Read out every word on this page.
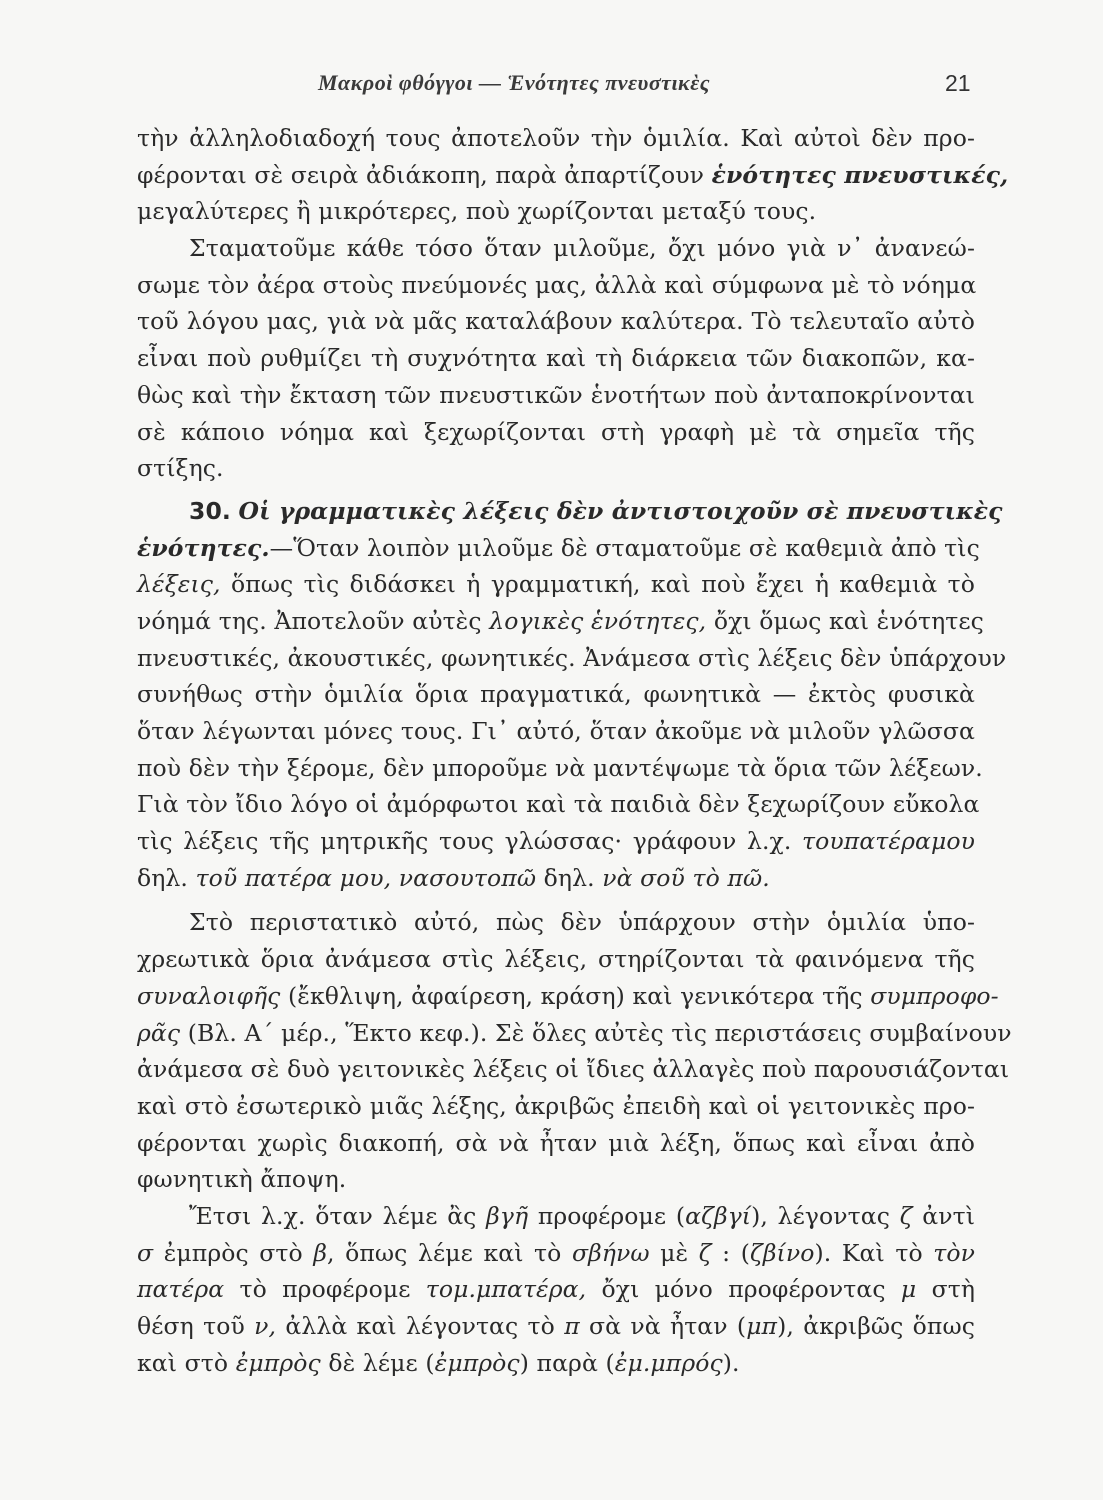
Μακροὶ φθόγγοι — Ἑνότητες πνευστικὲς	21
τὴν ἀλληλοδιαδοχή τους ἀποτελοῦν τὴν ὁμιλία. Καὶ αὐτοὶ δὲν προ-
φέρονται σὲ σειρὰ ἀδιάκοπη, παρὰ ἀπαρτίζουν ἑνότητες πνευστικές,
μεγαλύτερες ἢ μικρότερες, ποὺ χωρίζονται μεταξύ τους.
Σταματοῦμε κάθε τόσο ὅταν μιλοῦμε, ὄχι μόνο γιὰ ν᾿ ἀνανεώ-
σωμε τὸν ἀέρα στοὺς πνεύμονές μας, ἀλλὰ καὶ σύμφωνα μὲ τὸ νόημα
τοῦ λόγου μας, γιὰ νὰ μᾶς καταλάβουν καλύτερα. Τὸ τελευταῖο αὐτὸ
εἶναι ποὺ ρυθμίζει τὴ συχνότητα καὶ τὴ διάρκεια τῶν διακοπῶν, κα-
θὼς καὶ τὴν ἔκταση τῶν πνευστικῶν ἑνοτήτων ποὺ ἀνταποκρίνονται
σὲ κάποιο νόημα καὶ ξεχωρίζονται στὴ γραφὴ μὲ τὰ σημεῖα τῆς
στίξης.
30. Οἱ γραμματικὲς λέξεις δὲν ἀντιστοιχοῦν σὲ πνευστικὲς
ἑνότητες.—Ὅταν λοιπὸν μιλοῦμε δὲ σταματοῦμε σὲ καθεμιὰ ἀπὸ τὶς
λέξεις, ὅπως τὶς διδάσκει ἡ γραμματική, καὶ ποὺ ἔχει ἡ καθεμιὰ τὸ
νόημά της. Ἀποτελοῦν αὐτὲς λογικὲς ἑνότητες, ὄχι ὅμως καὶ ἑνότητες
πνευστικές, ἀκουστικές, φωνητικές. Ἀνάμεσα στὶς λέξεις δὲν ὑπάρχουν
συνήθως στὴν ὁμιλία ὅρια πραγματικά, φωνητικὰ — ἐκτὸς φυσικὰ
ὅταν λέγωνται μόνες τους. Γι᾿ αὐτό, ὅταν ἀκοῦμε νὰ μιλοῦν γλῶσσα
ποὺ δὲν τὴν ξέρομε, δὲν μποροῦμε νὰ μαντέψωμε τὰ ὅρια τῶν λέξεων.
Γιὰ τὸν ἴδιο λόγο οἱ ἀμόρφωτοι καὶ τὰ παιδιὰ δὲν ξεχωρίζουν εὔκολα
τὶς λέξεις τῆς μητρικῆς τους γλώσσας· γράφουν λ.χ. τουπατέραμου
δηλ. τοῦ πατέρα μου, νασουτοπῶ δηλ. νὰ σοῦ τὸ πῶ.
Στὸ περιστατικὸ αὐτό, πὼς δὲν ὑπάρχουν στὴν ὁμιλία ὑπο-
χρεωτικὰ ὅρια ἀνάμεσα στὶς λέξεις, στηρίζονται τὰ φαινόμενα τῆς
συναλοιφῆς (ἔκθλιψη, ἀφαίρεση, κράση) καὶ γενικότερα τῆς συμπροφο-
ρᾶς (Βλ. Α΄ μέρ., Ἕκτο κεφ.). Σὲ ὅλες αὐτὲς τὶς περιστάσεις συμβαίνουν
ἀνάμεσα σὲ δυὸ γειτονικὲς λέξεις οἱ ἴδιες ἀλλαγὲς ποὺ παρουσιάζονται
καὶ στὸ ἐσωτερικὸ μιᾶς λέξης, ἀκριβῶς ἐπειδὴ καὶ οἱ γειτονικὲς προ-
φέρονται χωρὶς διακοπή, σὰ νὰ ἦταν μιὰ λέξη, ὅπως καὶ εἶναι ἀπὸ
φωνητικὴ ἄποψη.
Ἔτσι λ.χ. ὅταν λέμε ἂς βγῆ προφέρομε (αζβγί), λέγοντας ζ ἀντὶ
σ ἐμπρὸς στὸ β, ὅπως λέμε καὶ τὸ σβήνω μὲ ζ : (ζβίνο). Καὶ τὸ τὸν
πατέρα τὸ προφέρομε τομ.μπατέρα, ὄχι μόνο προφέροντας μ στὴ
θέση τοῦ ν, ἀλλὰ καὶ λέγοντας τὸ π σὰ νὰ ἦταν (μπ), ἀκριβῶς ὅπως
καὶ στὸ ἐμπρὸς δὲ λέμε (ἐμπρὸς) παρὰ (ἐμ.μπρός).
